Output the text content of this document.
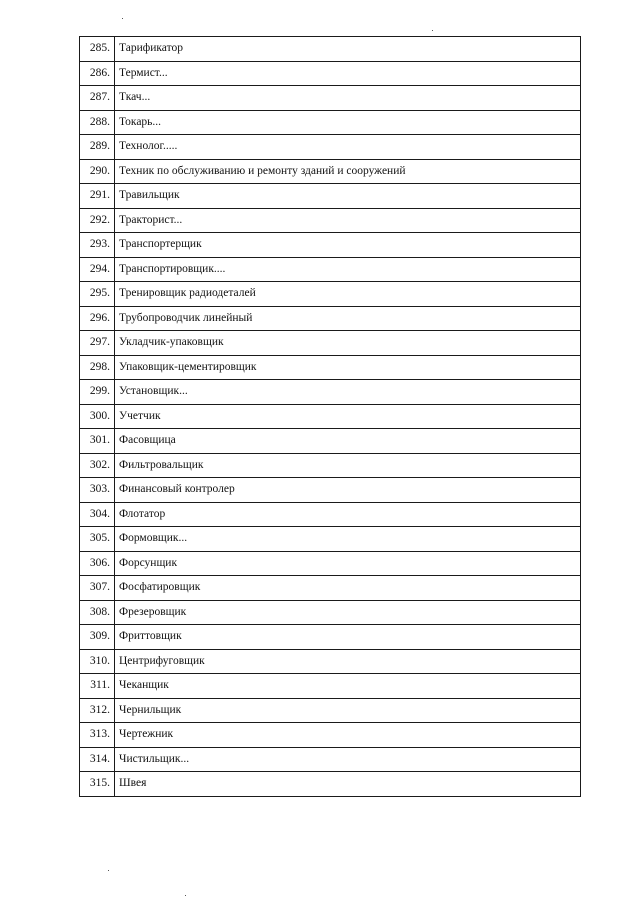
285.	Тарификатор
286.	Термист...
287.	Ткач...
288.	Токарь...
289.	Технолог.....
290.	Техник по обслуживанию и ремонту зданий и сооружений
291.	Травильщик
292.	Тракторист...
293.	Транспортерщик
294.	Транспортировщик....
295.	Тренировщик радиодеталей
296.	Трубопроводчик линейный
297.	Укладчик-упаковщик
298.	Упаковщик-цементировщик
299.	Установщик...
300.	Учетчик
301.	Фасовщица
302.	Фильтровальщик
303.	Финансовый контролер
304.	Флотатор
305.	Формовщик...
306.	Форсунщик
307.	Фосфатировщик
308.	Фрезеровщик
309.	Фриттовщик
310.	Центрифуговщик
311.	Чеканщик
312.	Чернильщик
313.	Чертежник
314.	Чистильщик...
315.	Швея
